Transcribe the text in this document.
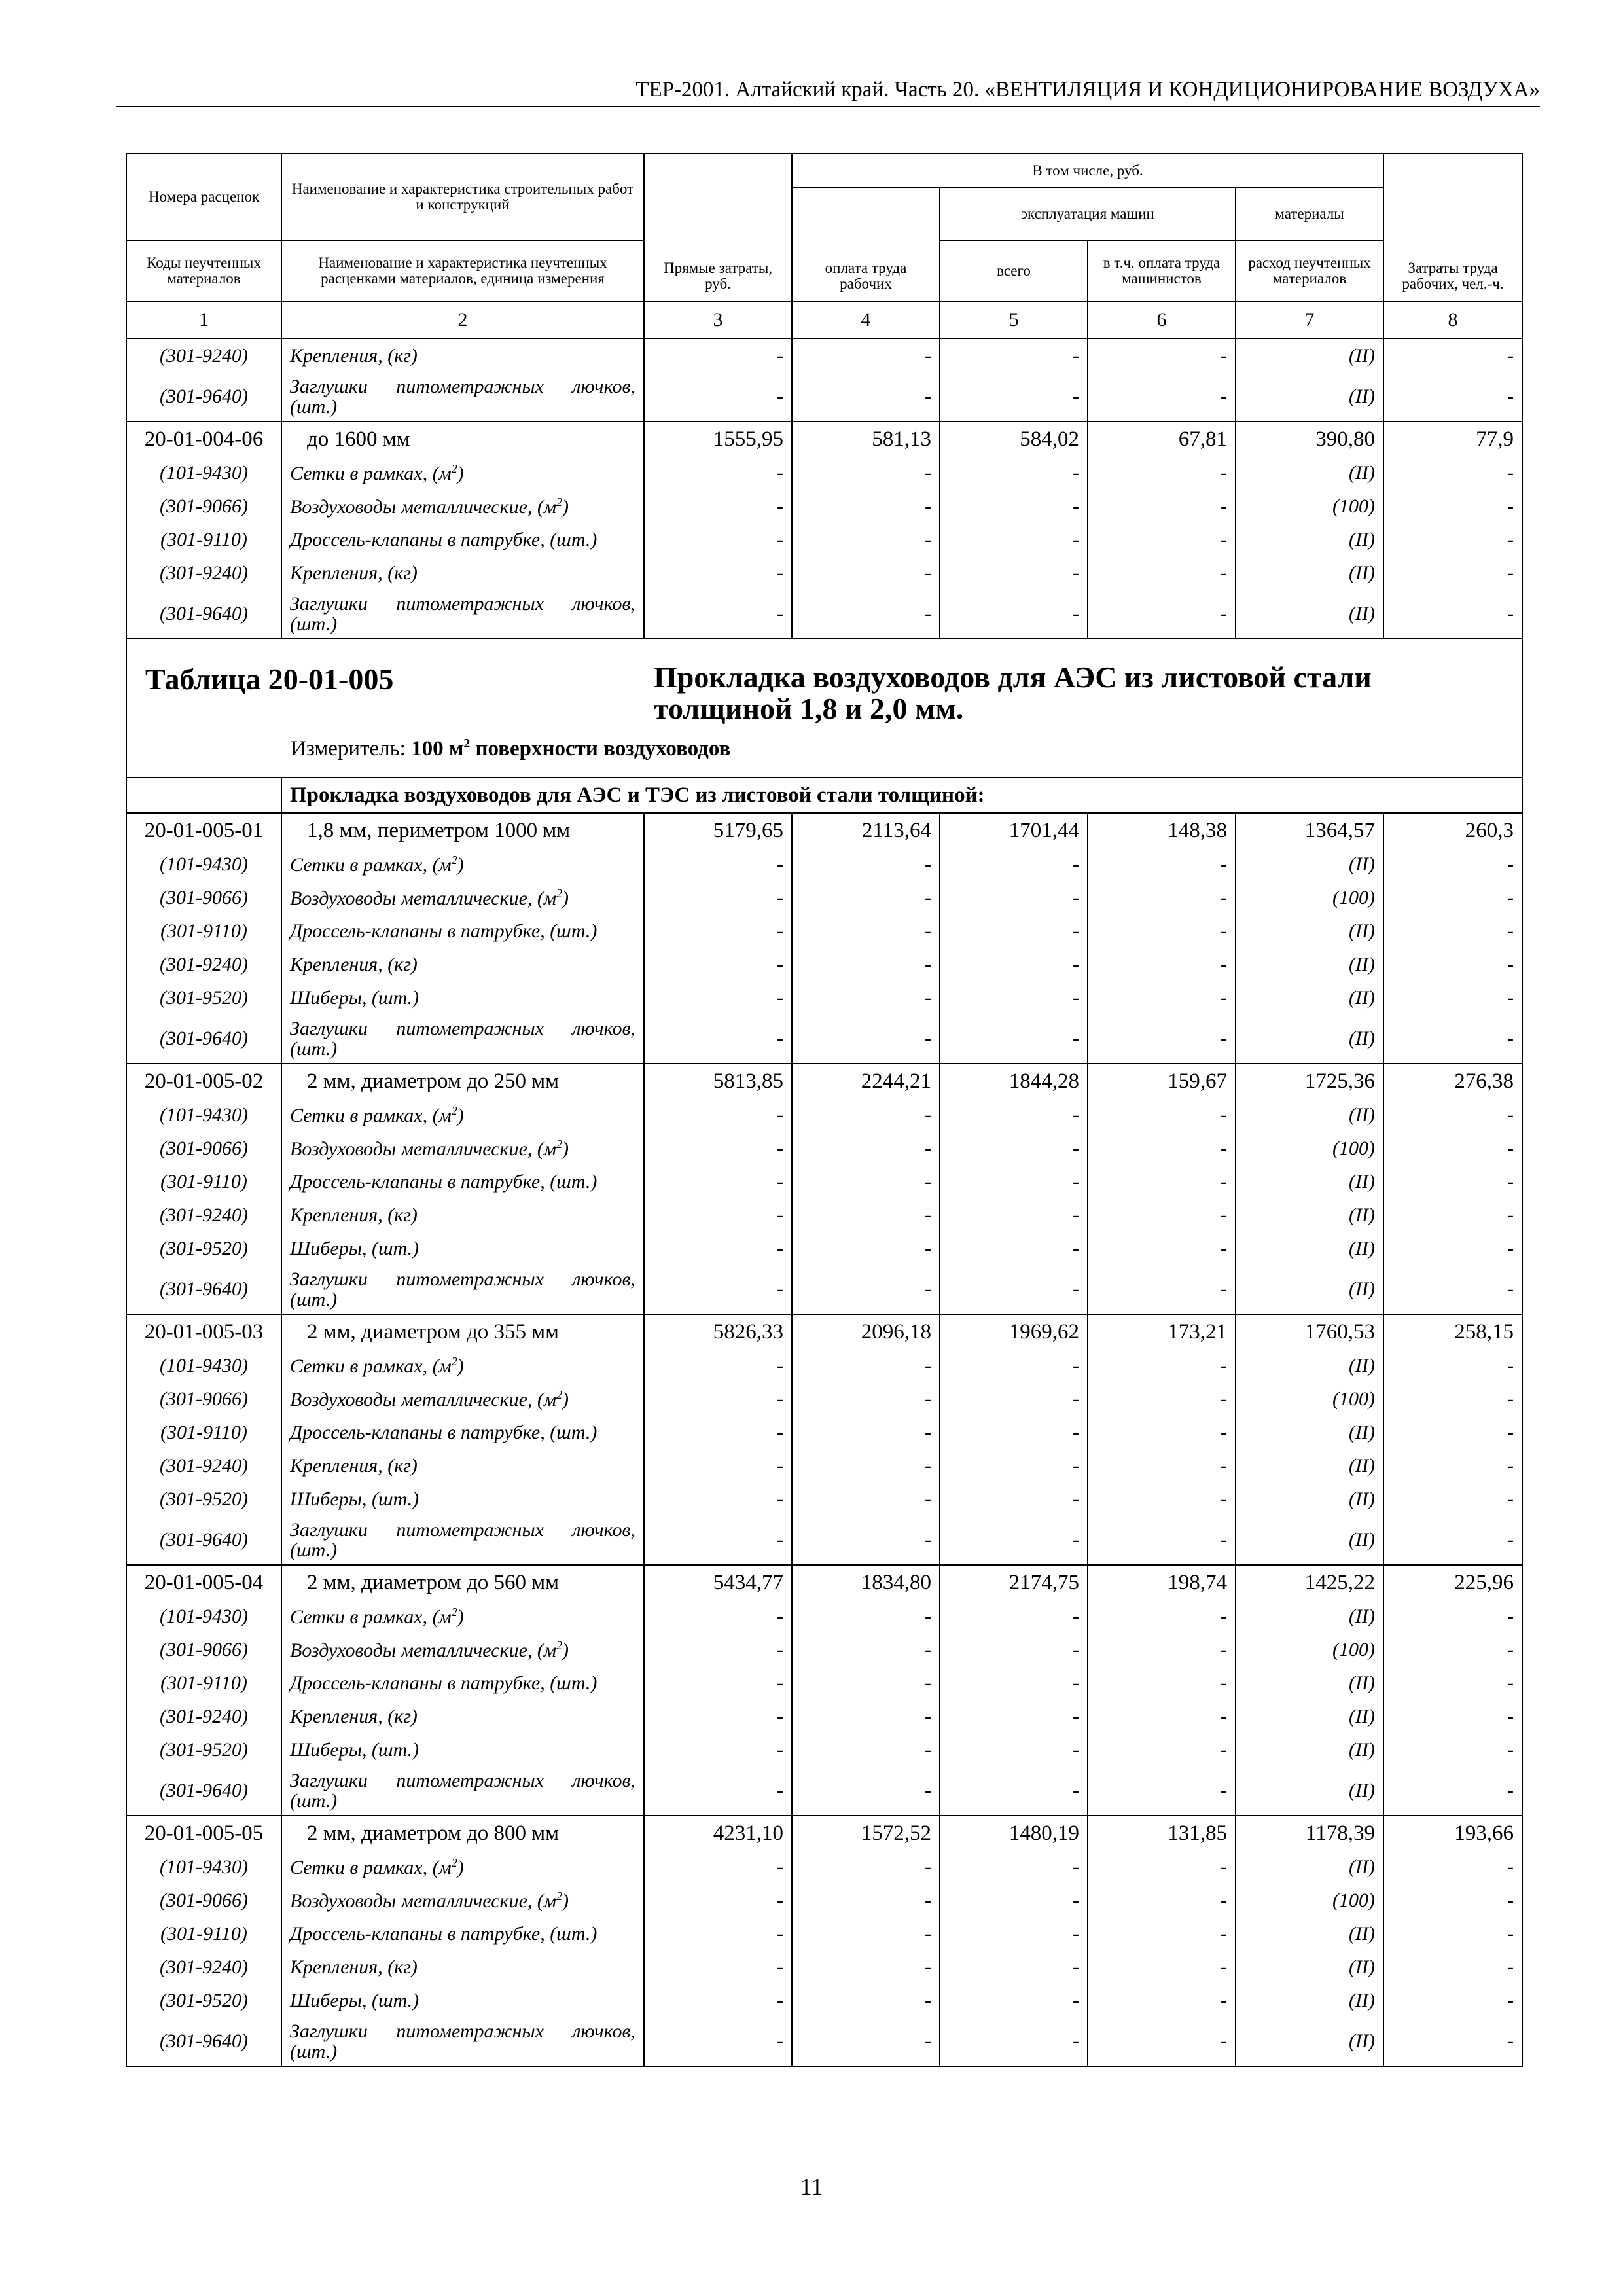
ТЕР-2001. Алтайский край. Часть 20. «ВЕНТИЛЯЦИЯ И КОНДИЦИОНИРОВАНИЕ ВОЗДУХА»
Номера расценок	Наименование и характеристика строительных работ и конструкций	Прямые затраты, руб.	В том числе, руб.				Затраты труда рабочих, чел.-ч.
			оплата труда рабочих	эксплуатация машин		материалы	
Коды неучтенных материалов	Наименование и характеристика неучтенных расценками материалов, единица измерения			всего	в т.ч. оплата труда машинистов	расход неучтенных материалов	
1	2	3	4	5	6	7	8
(301-9240)	Крепления, (кг)	-	-	-	-	(II)	-
(301-9640)	Заглушки питометражных лючков, (шт.)	-	-	-	-	(II)	-
20-01-004-06	до 1600 мм	1555,95	581,13	584,02	67,81	390,80	77,9
(101-9430)	Сетки в рамках, $(м^2)$	-	-	-	-	(II)	-
(301-9066)	Воздуховоды металлические, $(м^2)$	-	-	-	-	(100)	-
(301-9110)	Дроссель-клапаны в патрубке, (шт.)	-	-	-	-	(II)	-
(301-9240)	Крепления, (кг)	-	-	-	-	(II)	-
(301-9640)	Заглушки питометражных лючков, (шт.)	-	-	-	-	(II)	-

Таблица 20-01-005 Прокладка воздуховодов для АЭС из листовой стали толщиной 1,8 и 2,0 мм.
Измеритель: 100 $м^2$ поверхности воздуховодов							

	Прокладка воздуховодов для АЭС и ТЭС из листовой стали толщиной:						
20-01-005-01	1,8 мм, периметром 1000 мм	5179,65	2113,64	1701,44	148,38	1364,57	260,3
(101-9430)	Сетки в рамках, $(м^2)$	-	-	-	-	(II)	-
(301-9066)	Воздуховоды металлические, $(м^2)$	-	-	-	-	(100)	-
(301-9110)	Дроссель-клапаны в патрубке, (шт.)	-	-	-	-	(II)	-
(301-9240)	Крепления, (кг)	-	-	-	-	(II)	-
(301-9520)	Шиберы, (шт.)	-	-	-	-	(II)	-
(301-9640)	Заглушки питометражных лючков, (шт.)	-	-	-	-	(II)	-
20-01-005-02	2 мм, диаметром до 250 мм	5813,85	2244,21	1844,28	159,67	1725,36	276,38
(101-9430)	Сетки в рамках, $(м^2)$	-	-	-	-	(II)	-
(301-9066)	Воздуховоды металлические, $(м^2)$	-	-	-	-	(100)	-
(301-9110)	Дроссель-клапаны в патрубке, (шт.)	-	-	-	-	(II)	-
(301-9240)	Крепления, (кг)	-	-	-	-	(II)	-
(301-9520)	Шиберы, (шт.)	-	-	-	-	(II)	-
(301-9640)	Заглушки питометражных лючков, (шт.)	-	-	-	-	(II)	-
20-01-005-03	2 мм, диаметром до 355 мм	5826,33	2096,18	1969,62	173,21	1760,53	258,15
(101-9430)	Сетки в рамках, $(м^2)$	-	-	-	-	(II)	-
(301-9066)	Воздуховоды металлические, $(м^2)$	-	-	-	-	(100)	-
(301-9110)	Дроссель-клапаны в патрубке, (шт.)	-	-	-	-	(II)	-
(301-9240)	Крепления, (кг)	-	-	-	-	(II)	-
(301-9520)	Шиберы, (шт.)	-	-	-	-	(II)	-
(301-9640)	Заглушки питометражных лючков, (шт.)	-	-	-	-	(II)	-
20-01-005-04	2 мм, диаметром до 560 мм	5434,77	1834,80	2174,75	198,74	1425,22	225,96
(101-9430)	Сетки в рамках, $(м^2)$	-	-	-	-	(II)	-
(301-9066)	Воздуховоды металлические, $(м^2)$	-	-	-	-	(100)	-
(301-9110)	Дроссель-клапаны в патрубке, (шт.)	-	-	-	-	(II)	-
(301-9240)	Крепления, (кг)	-	-	-	-	(II)	-
(301-9520)	Шиберы, (шт.)	-	-	-	-	(II)	-
(301-9640)	Заглушки питометражных лючков, (шт.)	-	-	-	-	(II)	-
20-01-005-05	2 мм, диаметром до 800 мм	4231,10	1572,52	1480,19	131,85	1178,39	193,66
(101-9430)	Сетки в рамках, $(м^2)$	-	-	-	-	(II)	-
(301-9066)	Воздуховоды металлические, $(м^2)$	-	-	-	-	(100)	-
(301-9110)	Дроссель-клапаны в патрубке, (шт.)	-	-	-	-	(II)	-
(301-9240)	Крепления, (кг)	-	-	-	-	(II)	-
(301-9520)	Шиберы, (шт.)	-	-	-	-	(II)	-
(301-9640)	Заглушки питометражных лючков, (шт.)	-	-	-	-	(II)	-
11
